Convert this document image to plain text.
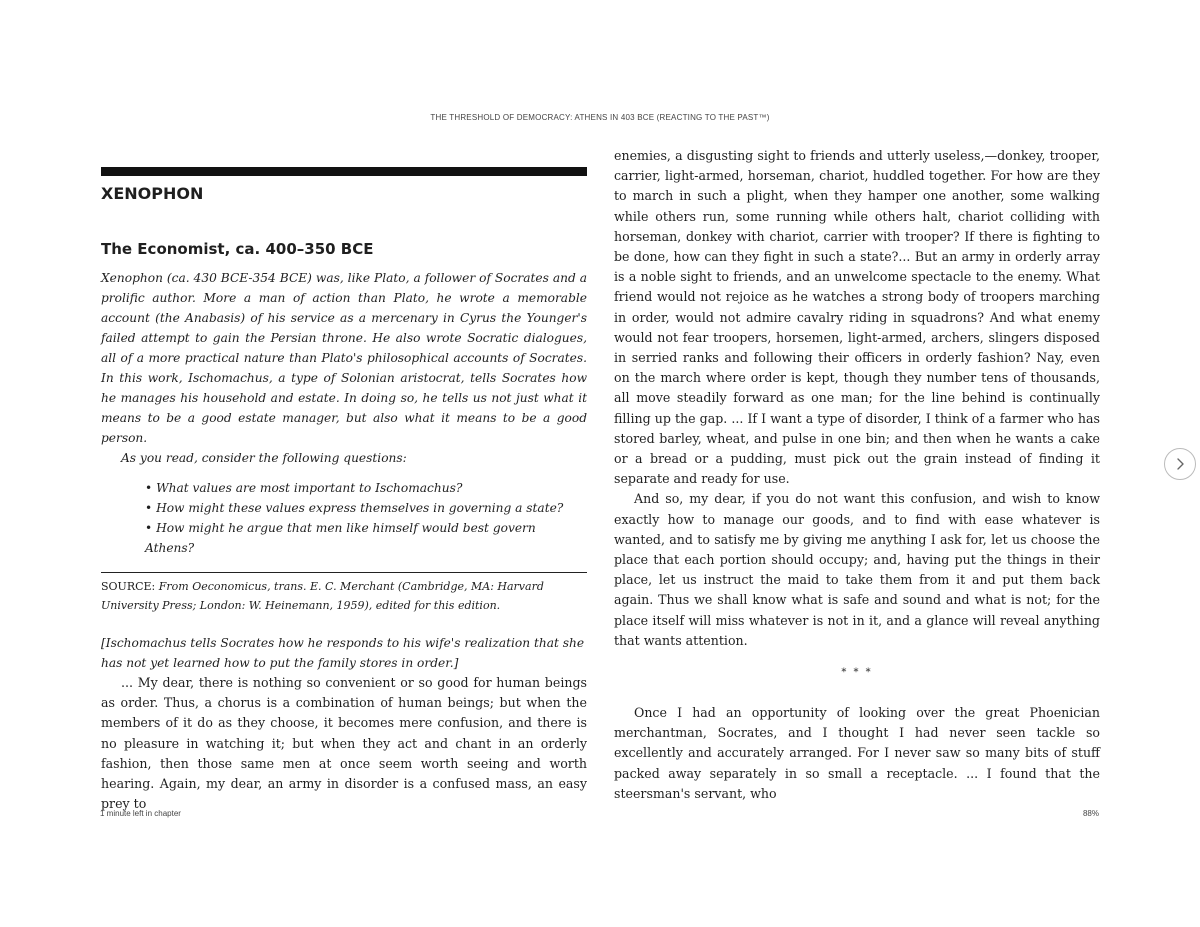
THE THRESHOLD OF DEMOCRACY: ATHENS IN 403 BCE (REACTING TO THE PAST™)
XENOPHON
The Economist, ca. 400–350 BCE

Xenophon (ca. 430 BCE-354 BCE) was, like Plato, a follower of Socrates and a prolific author. More a man of action than Plato, he wrote a memorable account (the Anabasis) of his service as a mercenary in Cyrus the Younger's failed attempt to gain the Persian throne. He also wrote Socratic dialogues, all of a more practical nature than Plato's philosophical accounts of Socrates. In this work, Ischomachus, a type of Solonian aristocrat, tells Socrates how he manages his household and estate. In doing so, he tells us not just what it means to be a good estate manager, but also what it means to be a good person.

As you read, consider the following questions:

• What values are most important to Ischomachus?
• How might these values express themselves in governing a state?
• How might he argue that men like himself would best govern Athens?

SOURCE: From Oeconomicus, trans. E. C. Merchant (Cambridge, MA: Harvard University Press; London: W. Heinemann, 1959), edited for this edition.

[Ischomachus tells Socrates how he responds to his wife's realization that she has not yet learned how to put the family stores in order.]

... My dear, there is nothing so convenient or so good for human beings as order. Thus, a chorus is a combination of human beings; but when the members of it do as they choose, it becomes mere confusion, and there is no pleasure in watching it; but when they act and chant in an orderly fashion, then those same men at once seem worth seeing and worth hearing. Again, my dear, an army in disorder is a confused mass, an easy prey to

enemies, a disgusting sight to friends and utterly useless,—donkey, trooper, carrier, light-armed, horseman, chariot, huddled together. For how are they to march in such a plight, when they hamper one another, some walking while others run, some running while others halt, chariot colliding with horseman, donkey with chariot, carrier with trooper? If there is fighting to be done, how can they fight in such a state?... But an army in orderly array is a noble sight to friends, and an unwelcome spectacle to the enemy. What friend would not rejoice as he watches a strong body of troopers marching in order, would not admire cavalry riding in squadrons? And what enemy would not fear troopers, horsemen, light-armed, archers, slingers disposed in serried ranks and following their officers in orderly fashion? Nay, even on the march where order is kept, though they number tens of thousands, all move steadily forward as one man; for the line behind is continually filling up the gap. ... If I want a type of disorder, I think of a farmer who has stored barley, wheat, and pulse in one bin; and then when he wants a cake or a bread or a pudding, must pick out the grain instead of finding it separate and ready for use.

And so, my dear, if you do not want this confusion, and wish to know exactly how to manage our goods, and to find with ease whatever is wanted, and to satisfy me by giving me anything I ask for, let us choose the place that each portion should occupy; and, having put the things in their place, let us instruct the maid to take them from it and put them back again. Thus we shall know what is safe and sound and what is not; for the place itself will miss whatever is not in it, and a glance will reveal anything that wants attention.

* * *

Once I had an opportunity of looking over the great Phoenician merchantman, Socrates, and I thought I had never seen tackle so excellently and accurately arranged. For I never saw so many bits of stuff packed away separately in so small a receptacle. ... I found that the steersman's servant, who

1 minute left in chapter	88%
